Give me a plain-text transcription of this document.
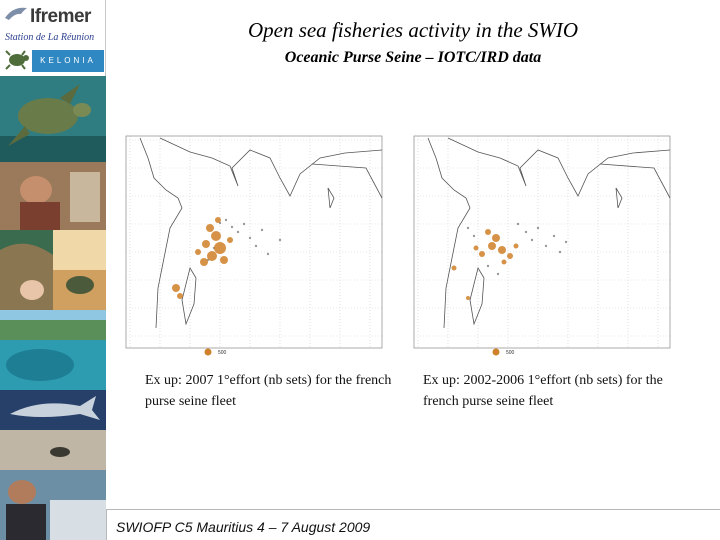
Ifremer
Station de La Réunion
KELONIA
Open sea fisheries activity in the SWIO
Oceanic Purse Seine – IOTC/IRD data
500	500
Ex up: 2007 1°effort (nb sets) for the french purse seine fleet
Ex up: 2002-2006 1°effort (nb sets) for the french purse seine fleet
SWIOFP C5 Mauritius 4 – 7 August 2009
